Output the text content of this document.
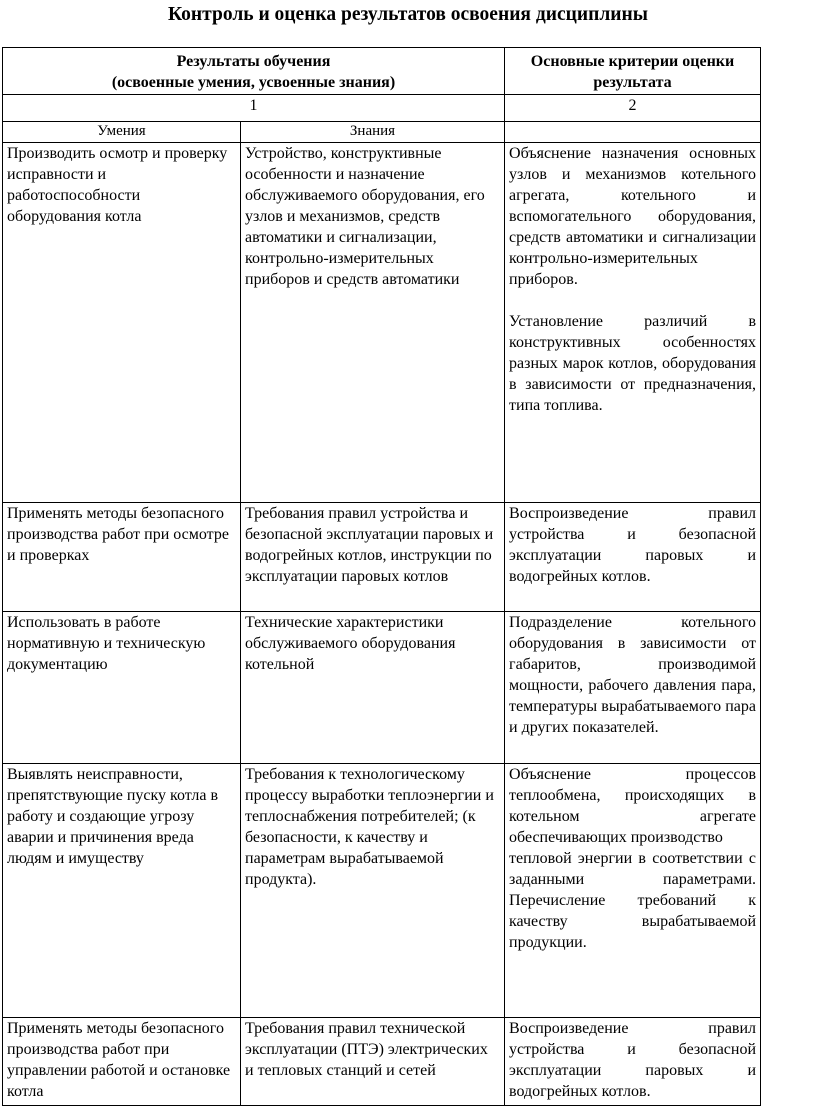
Контроль и оценка результатов освоения дисциплины
Результаты обучения
(освоенные умения, усвоенные знания)		Основные критерии оценки результата
1		2
Умения	Знания	
Производить осмотр и проверку исправности и работоспособности оборудования котла	Устройство, конструктивные особенности и назначение обслуживаемого оборудования, его узлов и механизмов, средств автоматики и сигнализации, контрольно-измерительных приборов и средств автоматики	Объяснение назначения основных узлов и механизмов котельного агрегата, котельного и вспомогательного оборудования, средств автоматики и сигнализации контрольно-измерительных приборов.

Установление различий в конструктивных особенностях разных марок котлов, оборудования в зависимости от предназначения, типа топлива.

Применять методы безопасного производства работ при осмотре и проверках	Требования правил устройства и безопасной эксплуатации паровых и водогрейных котлов, инструкции по эксплуатации паровых котлов	Воспроизведение правил устройства и безопасной эксплуатации паровых и водогрейных котлов.

Использовать в работе нормативную и техническую документацию	Технические характеристики обслуживаемого оборудования котельной	Подразделение котельного оборудования в зависимости от габаритов, производимой мощности, рабочего давления пара, температуры вырабатываемого пара и других показателей.

Выявлять неисправности, препятствующие пуску котла в работу и создающие угрозу аварии и причинения вреда людям и имуществу	Требования к технологическому процессу выработки теплоэнергии и теплоснабжения потребителей; (к безопасности, к качеству и параметрам вырабатываемой продукта).	Объяснение процессов теплообмена, происходящих в котельном агрегате обеспечивающих производство

тепловой энергии в соответствии с заданными параметрами. Перечисление требований к качеству вырабатываемой продукции.

Применять методы безопасного производства работ при управлении работой и остановке котла	Требования правил технической эксплуатации (ПТЭ) электрических и тепловых станций и сетей	Воспроизведение правил устройства и безопасной эксплуатации паровых и водогрейных котлов.
